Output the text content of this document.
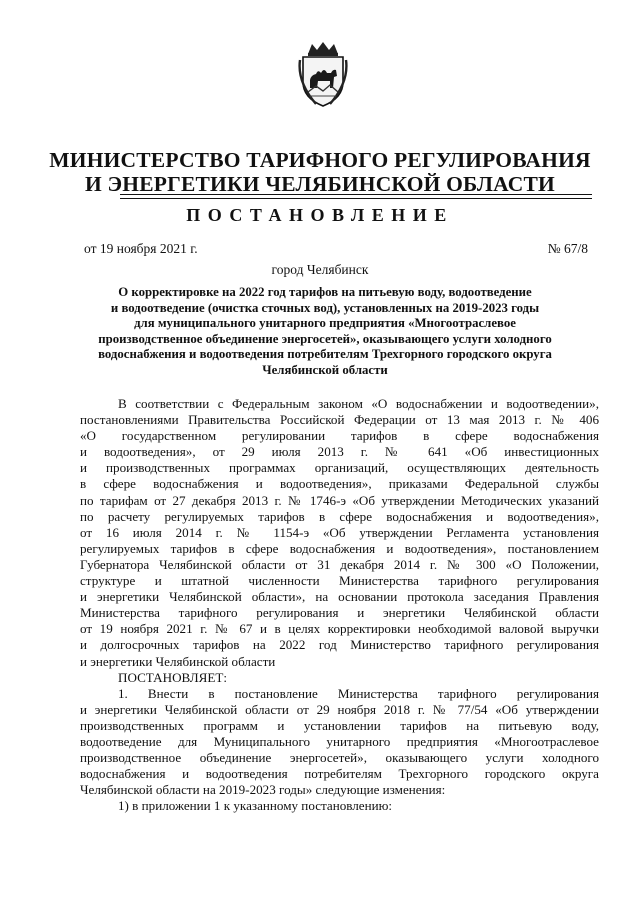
МИНИСТЕРСТВО ТАРИФНОГО РЕГУЛИРОВАНИЯ
И ЭНЕРГЕТИКИ ЧЕЛЯБИНСКОЙ ОБЛАСТИ
ПОСТАНОВЛЕНИЕ
от 19 ноября 2021 г.	№ 67/8
город Челябинск
О корректировке на 2022 год тарифов на питьевую воду, водоотведение
и водоотведение (очистка сточных вод), установленных на 2019-2023 годы
для муниципального унитарного предприятия «Многоотраслевое
производственное объединение энергосетей», оказывающего услуги холодного
водоснабжения и водоотведения потребителям Трехгорного городского округа
Челябинской области

В соответствии с Федеральным законом «О водоснабжении и водоотведении»,

постановлениями Правительства Российской Федерации от 13 мая 2013 г. № 406

«О государственном регулировании тарифов в сфере водоснабжения

и водоотведения», от 29 июля 2013 г. № 641 «Об инвестиционных

и производственных программах организаций, осуществляющих деятельность

в сфере водоснабжения и водоотведения», приказами Федеральной службы

по тарифам от 27 декабря 2013 г. № 1746-э «Об утверждении Методических указаний

по расчету регулируемых тарифов в сфере водоснабжения и водоотведения»,

от 16 июля 2014 г. № 1154-э «Об утверждении Регламента установления

регулируемых тарифов в сфере водоснабжения и водоотведения», постановлением

Губернатора Челябинской области от 31 декабря 2014 г. № 300 «О Положении,

структуре и штатной численности Министерства тарифного регулирования

и энергетики Челябинской области», на основании протокола заседания Правления

Министерства тарифного регулирования и энергетики Челябинской области

от 19 ноября 2021 г. № 67 и в целях корректировки необходимой валовой выручки

и долгосрочных тарифов на 2022 год Министерство тарифного регулирования

и энергетики Челябинской области

ПОСТАНОВЛЯЕТ:

1. Внести в постановление Министерства тарифного регулирования

и энергетики Челябинской области от 29 ноября 2018 г. № 77/54 «Об утверждении

производственных программ и установлении тарифов на питьевую воду,

водоотведение для Муниципального унитарного предприятия «Многоотраслевое

производственное объединение энергосетей», оказывающего услуги холодного

водоснабжения и водоотведения потребителям Трехгорного городского округа

Челябинской области на 2019-2023 годы» следующие изменения:

1) в приложении 1 к указанному постановлению:
